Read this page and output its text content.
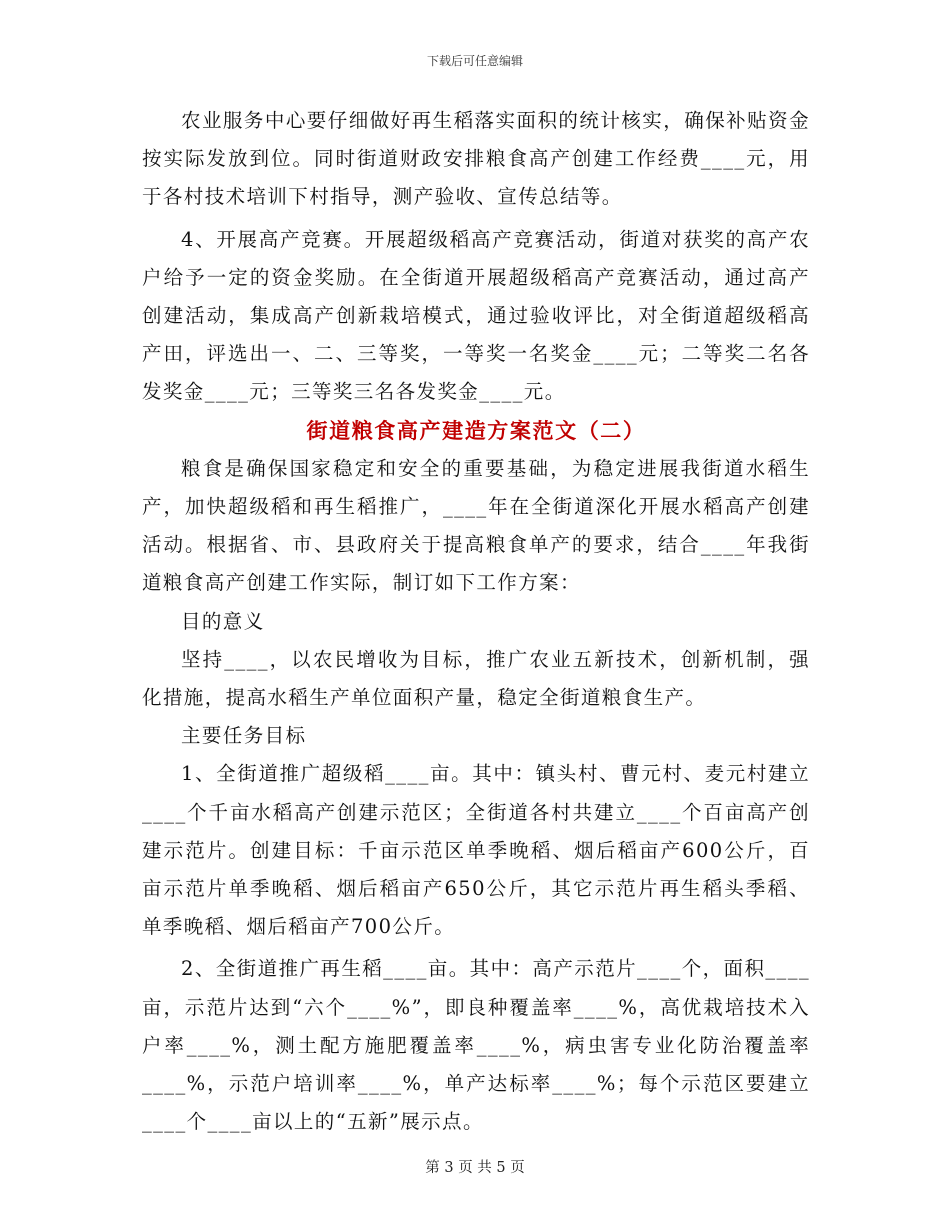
下载后可任意编辑

农业服务中心要仔细做好再生稻落实面积的统计核实，确保补贴资金按实际发放到位。同时街道财政安排粮食高产创建工作经费____元，用于各村技术培训下村指导，测产验收、宣传总结等。

4、开展高产竞赛。开展超级稻高产竞赛活动，街道对获奖的高产农户给予一定的资金奖励。在全街道开展超级稻高产竞赛活动，通过高产创建活动，集成高产创新栽培模式，通过验收评比，对全街道超级稻高产田，评选出一、二、三等奖，一等奖一名奖金____元；二等奖二名各发奖金____元；三等奖三名各发奖金____元。

街道粮食高产建造方案范文（二）

粮食是确保国家稳定和安全的重要基础，为稳定进展我街道水稻生产，加快超级稻和再生稻推广，____年在全街道深化开展水稻高产创建活动。根据省、市、县政府关于提高粮食单产的要求，结合____年我街道粮食高产创建工作实际，制订如下工作方案：

目的意义

坚持____，以农民增收为目标，推广农业五新技术，创新机制，强化措施，提高水稻生产单位面积产量，稳定全街道粮食生产。

主要任务目标

1、全街道推广超级稻____亩。其中：镇头村、曹元村、麦元村建立____个千亩水稻高产创建示范区；全街道各村共建立____个百亩高产创建示范片。创建目标：千亩示范区单季晚稻、烟后稻亩产600公斤，百亩示范片单季晚稻、烟后稻亩产650公斤，其它示范片再生稻头季稻、单季晚稻、烟后稻亩产700公斤。

2、全街道推广再生稻____亩。其中：高产示范片____个，面积____亩，示范片达到“六个____%”，即良种覆盖率____%，高优栽培技术入户率____%，测土配方施肥覆盖率____%，病虫害专业化防治覆盖率____%，示范户培训率____%，单产达标率____%；每个示范区要建立____个____亩以上的“五新”展示点。

第 3 页 共 5 页
